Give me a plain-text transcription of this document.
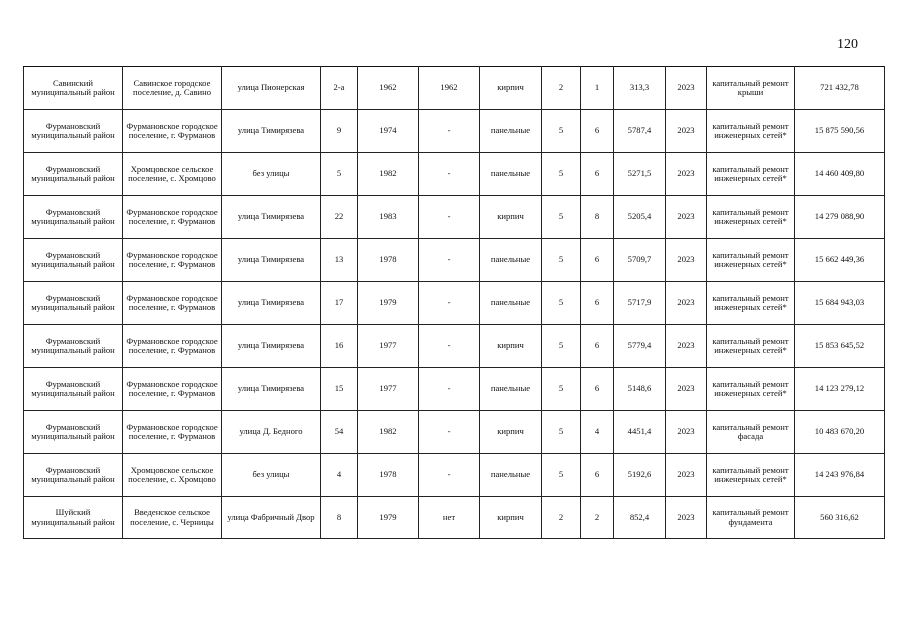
120
Савинский муниципальный район	Савинское городское поселение, д. Савино	улица Пионерская	2-а	1962	1962	кирпич	2	1	313,3	2023	капитальный ремонт крыши	721 432,78
Фурмановский муниципальный район	Фурмановское городское поселение, г. Фурманов	улица Тимирязева	9	1974	-	панельные	5	6	5787,4	2023	капитальный ремонт инженерных сетей*	15 875 590,56
Фурмановский муниципальный район	Хромцовское сельское поселение, с. Хромцово	без улицы	5	1982	-	панельные	5	6	5271,5	2023	капитальный ремонт инженерных сетей*	14 460 409,80
Фурмановский муниципальный район	Фурмановское городское поселение, г. Фурманов	улица Тимирязева	22	1983	-	кирпич	5	8	5205,4	2023	капитальный ремонт инженерных сетей*	14 279 088,90
Фурмановский муниципальный район	Фурмановское городское поселение, г. Фурманов	улица Тимирязева	13	1978	-	панельные	5	6	5709,7	2023	капитальный ремонт инженерных сетей*	15 662 449,36
Фурмановский муниципальный район	Фурмановское городское поселение, г. Фурманов	улица Тимирязева	17	1979	-	панельные	5	6	5717,9	2023	капитальный ремонт инженерных сетей*	15 684 943,03
Фурмановский муниципальный район	Фурмановское городское поселение, г. Фурманов	улица Тимирязева	16	1977	-	кирпич	5	6	5779,4	2023	капитальный ремонт инженерных сетей*	15 853 645,52
Фурмановский муниципальный район	Фурмановское городское поселение, г. Фурманов	улица Тимирязева	15	1977	-	панельные	5	6	5148,6	2023	капитальный ремонт инженерных сетей*	14 123 279,12
Фурмановский муниципальный район	Фурмановское городское поселение, г. Фурманов	улица Д. Бедного	54	1982	-	кирпич	5	4	4451,4	2023	капитальный ремонт фасада	10 483 670,20
Фурмановский муниципальный район	Хромцовское сельское поселение, с. Хромцово	без улицы	4	1978	-	панельные	5	6	5192,6	2023	капитальный ремонт инженерных сетей*	14 243 976,84
Шуйский муниципальный район	Введенское сельское поселение, с. Черницы	улица Фабричный Двор	8	1979	нет	кирпич	2	2	852,4	2023	капитальный ремонт фундамента	560 316,62
